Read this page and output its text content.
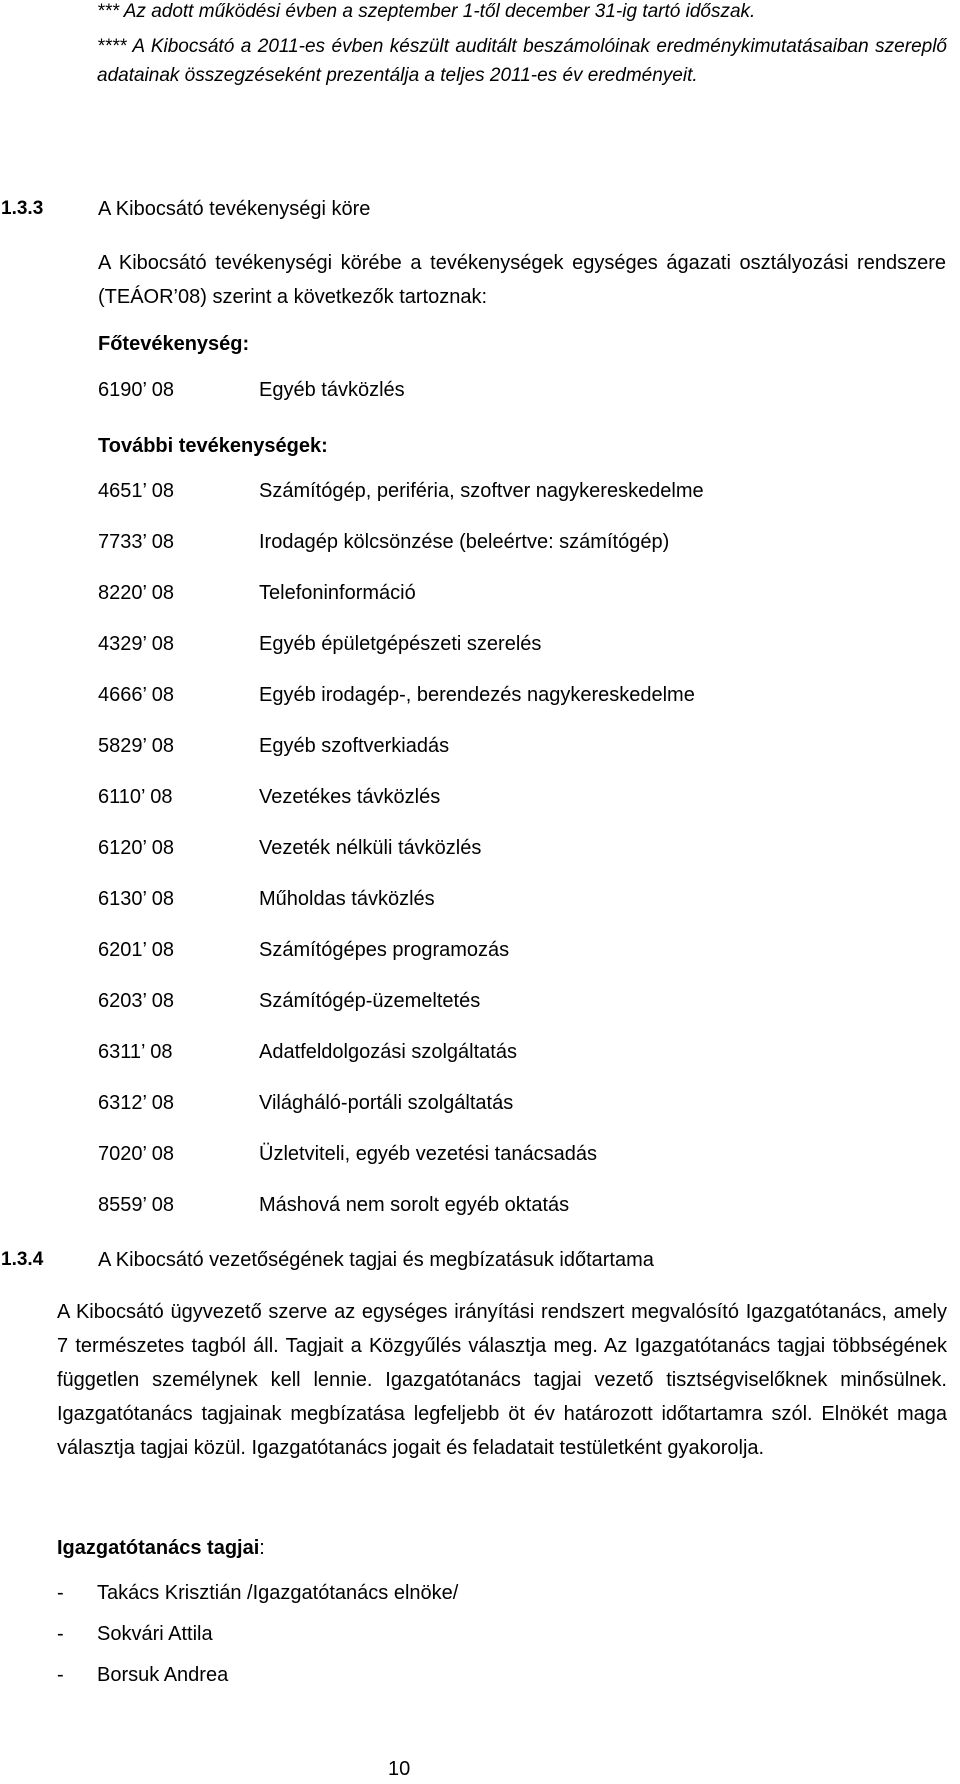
*** Az adott működési évben a szeptember 1-től december 31-ig tartó időszak.
**** A Kibocsátó a 2011-es évben készült auditált beszámolóinak eredménykimutatásaiban szereplő adatainak összegzéseként prezentálja a teljes 2011-es év eredményeit.
1.3.3	A Kibocsátó tevékenységi köre
A Kibocsátó tevékenységi körébe a tevékenységek egységes ágazati osztályozási rendszere (TEÁOR’08) szerint a következők tartoznak:
Főtevékenység:
6190’ 08	Egyéb távközlés
További tevékenységek:
4651’ 08	Számítógép, periféria, szoftver nagykereskedelme
7733’ 08	Irodagép kölcsönzése (beleértve: számítógép)
8220’ 08	Telefoninformáció
4329’ 08	Egyéb épületgépészeti szerelés
4666’ 08	Egyéb irodagép-, berendezés nagykereskedelme
5829’ 08	Egyéb szoftverkiadás
6110’ 08	Vezetékes távközlés
6120’ 08	Vezeték nélküli távközlés
6130’ 08	Műholdas távközlés
6201’ 08	Számítógépes programozás
6203’ 08	Számítógép-üzemeltetés
6311’ 08	Adatfeldolgozási szolgáltatás
6312’ 08	Világháló-portáli szolgáltatás
7020’ 08	Üzletviteli, egyéb vezetési tanácsadás
8559’ 08	Máshová nem sorolt egyéb oktatás
1.3.4	A Kibocsátó vezetőségének tagjai és megbízatásuk időtartama
A Kibocsátó ügyvezető szerve az egységes irányítási rendszert megvalósító Igazgatótanács, amely 7 természetes tagból áll. Tagjait a Közgyűlés választja meg. Az Igazgatótanács tagjai többségének független személynek kell lennie. Igazgatótanács tagjai vezető tisztségviselőknek minősülnek. Igazgatótanács tagjainak megbízatása legfeljebb öt év határozott időtartamra szól. Elnökét maga választja tagjai közül. Igazgatótanács jogait és feladatait testületként gyakorolja.
Igazgatótanács tagjai:
- Takács Krisztián /Igazgatótanács elnöke/
- Sokvári Attila
- Borsuk Andrea
10
